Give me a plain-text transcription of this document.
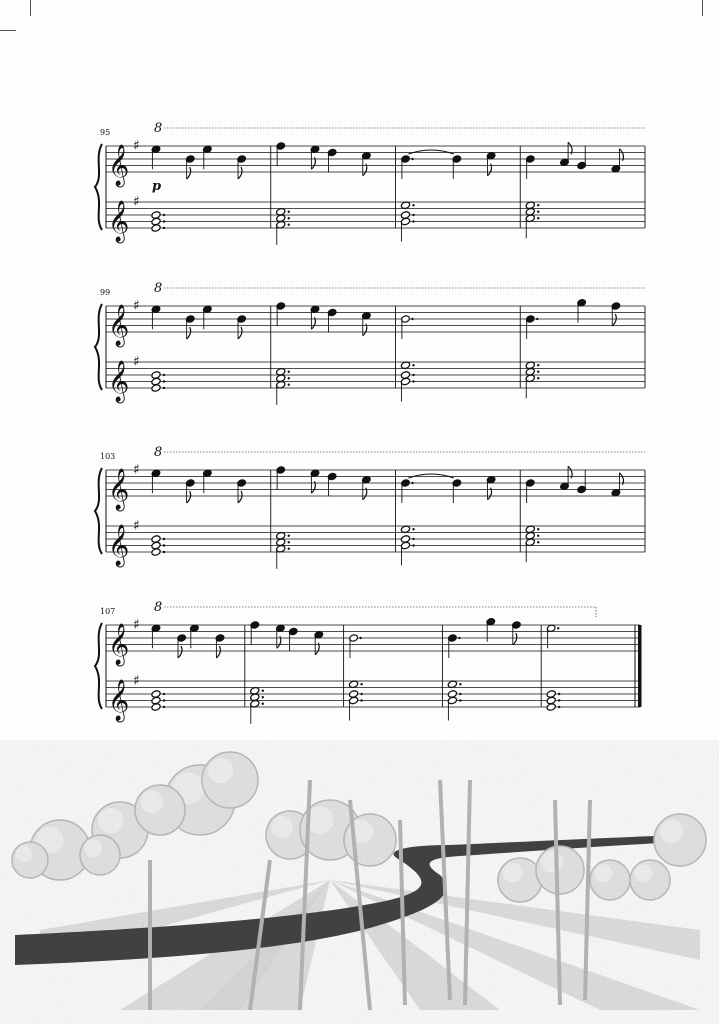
𝄞 ♯
𝄞 ♯
95	8
p
𝄞 ♯
𝄞 ♯
99	8
𝄞 ♯
𝄞 ♯
103	8
𝄞 ♯
𝄞 ♯
107	8
